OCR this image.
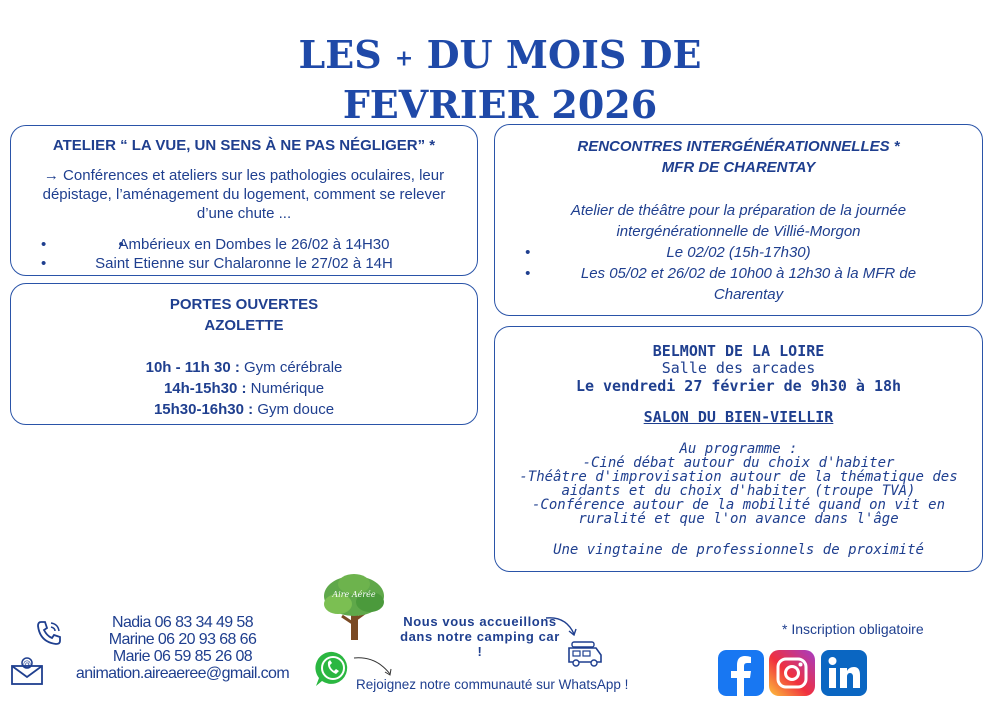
LES + DU MOIS DE
FEVRIER 2026
ATELIER “ LA VUE, UN SENS À NE PAS NÉGLIGER” *
→ Conférences et ateliers sur les pathologies oculaires, leur dépistage, l’aménagement du logement, comment se relever d’une chute ...
• •	Ambérieux en Dombes le 26/02 à 14H30
•	Saint Etienne sur Chalaronne le 27/02 à 14H
PORTES OUVERTES
AZOLETTE
10h - 11h 30 : Gym cérébrale
14h-15h30 : Numérique
15h30-16h30 : Gym douce
RENCONTRES INTERGÉNÉRATIONNELLES *
MFR DE CHARENTAY
Atelier de théâtre pour la préparation de la journée intergénérationnelle de Villié-Morgon
•	Le 02/02 (15h-17h30)
•	Les 05/02 et 26/02 de 10h00 à 12h30 à la MFR de Charentay
BELMONT DE LA LOIRE
Salle des arcades
Le vendredi 27 février de 9h30 à 18h
SALON DU BIEN-VIELLIR
Au programme :
-Ciné débat autour du choix d'habiter
-Théâtre d'improvisation autour de la thématique des aidants et du choix d'habiter (troupe TVA)
-Conférence autour de la mobilité quand on vit en ruralité et que l'on avance dans l'âge
Une vingtaine de professionnels de proximité
@
Nadia 06 83 34 49 58
Marine 06 20 93 68 66
Marie 06 59 85 26 08
animation.aireaeree@gmail.com
Aire Aérée
Nous vous accueillons dans notre camping car !
Rejoignez notre communauté sur WhatsApp !
* Inscription obligatoire
